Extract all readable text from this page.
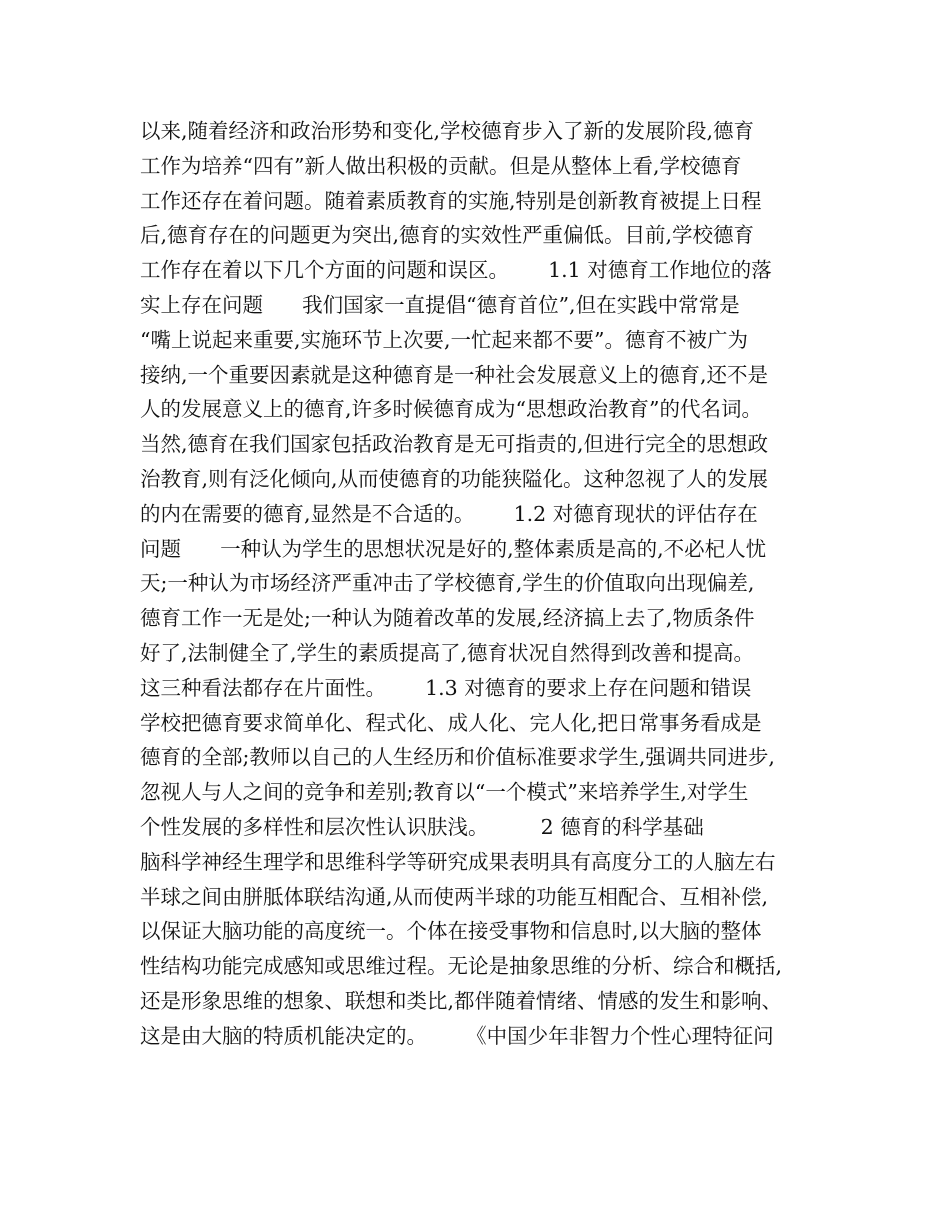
以来,随着经济和政治形势和变化,学校德育步入了新的发展阶段,德育
工作为培养“四有”新人做出积极的贡献。但是从整体上看,学校德育
工作还存在着问题。随着素质教育的实施,特别是创新教育被提上日程
后,德育存在的问题更为突出,德育的实效性严重偏低。目前,学校德育
工作存在着以下几个方面的问题和误区。      1.1 对德育工作地位的落
实上存在问题      我们国家一直提倡“德育首位”,但在实践中常常是
“嘴上说起来重要,实施环节上次要,一忙起来都不要”。德育不被广为
接纳,一个重要因素就是这种德育是一种社会发展意义上的德育,还不是
人的发展意义上的德育,许多时候德育成为“思想政治教育”的代名词。
当然,德育在我们国家包括政治教育是无可指责的,但进行完全的思想政
治教育,则有泛化倾向,从而使德育的功能狭隘化。这种忽视了人的发展
的内在需要的德育,显然是不合适的。      1.2 对德育现状的评估存在
问题      一种认为学生的思想状况是好的,整体素质是高的,不必杞人忧
天;一种认为市场经济严重冲击了学校德育,学生的价值取向出现偏差,
德育工作一无是处;一种认为随着改革的发展,经济搞上去了,物质条件
好了,法制健全了,学生的素质提高了,德育状况自然得到改善和提高。
这三种看法都存在片面性。      1.3 对德育的要求上存在问题和错误
学校把德育要求简单化、程式化、成人化、完人化,把日常事务看成是
德育的全部;教师以自己的人生经历和价值标准要求学生,强调共同进步,
忽视人与人之间的竞争和差别;教育以“一个模式”来培养学生,对学生
个性发展的多样性和层次性认识肤浅。        2 德育的科学基础
脑科学神经生理学和思维科学等研究成果表明具有高度分工的人脑左右
半球之间由胼胝体联结沟通,从而使两半球的功能互相配合、互相补偿,
以保证大脑功能的高度统一。个体在接受事物和信息时,以大脑的整体
性结构功能完成感知或思维过程。无论是抽象思维的分析、综合和概括,
还是形象思维的想象、联想和类比,都伴随着情绪、情感的发生和影响、
这是由大脑的特质机能决定的。      《中国少年非智力个性心理特征问
